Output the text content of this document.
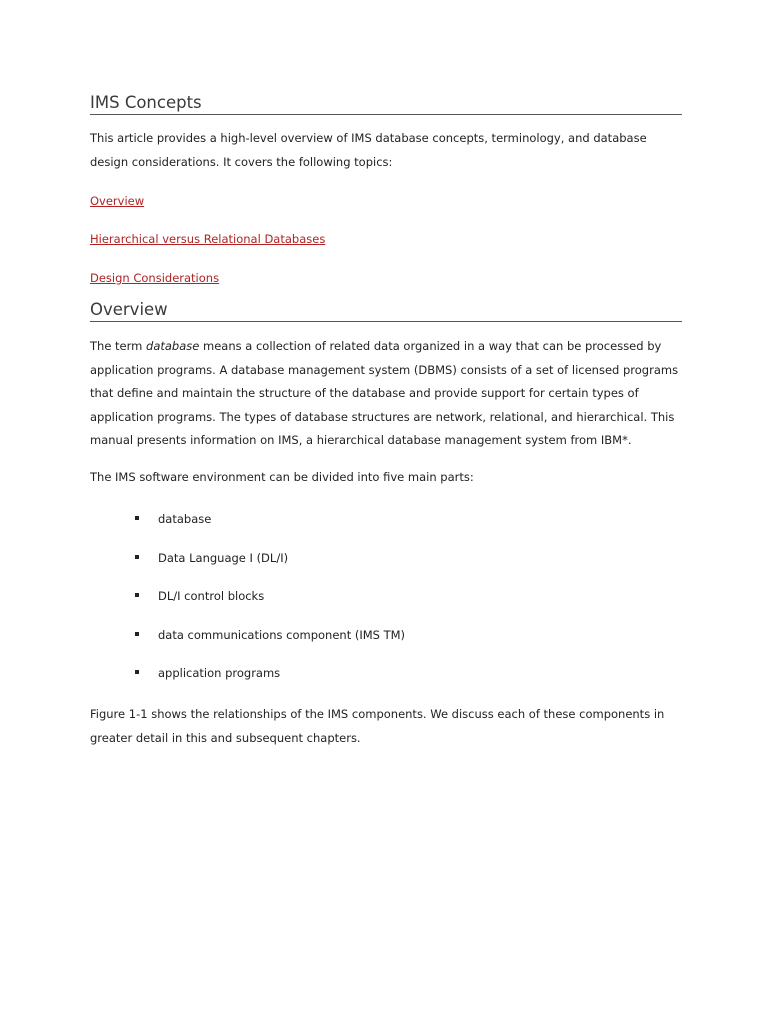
IMS Concepts

This article provides a high-level overview of IMS database concepts, terminology, and database design considerations. It covers the following topics:

Overview
Hierarchical versus Relational Databases
Design Considerations
Overview

The term database means a collection of related data organized in a way that can be processed by application programs. A database management system (DBMS) consists of a set of licensed programs that define and maintain the structure of the database and provide support for certain types of application programs. The types of database structures are network, relational, and hierarchical. This manual presents information on IMS, a hierarchical database management system from IBM*.

The IMS software environment can be divided into five main parts:

database
Data Language I (DL/I)
DL/I control blocks
data communications component (IMS TM)
application programs

Figure 1-1 shows the relationships of the IMS components. We discuss each of these components in greater detail in this and subsequent chapters.
